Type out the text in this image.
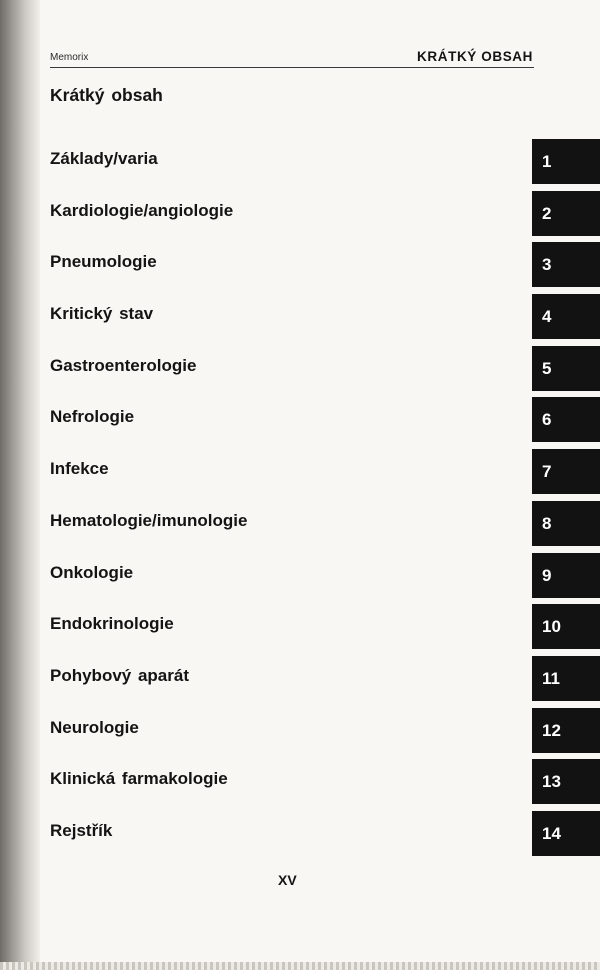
Memorix	KRÁTKÝ OBSAH
Krátký obsah
Základy/varia	1
Kardiologie/angiologie	2
Pneumologie	3
Kritický stav	4
Gastroenterologie	5
Nefrologie	6
Infekce	7
Hematologie/imunologie	8
Onkologie	9
Endokrinologie	10
Pohybový aparát	11
Neurologie	12
Klinická farmakologie	13
Rejstřík	14
XV
